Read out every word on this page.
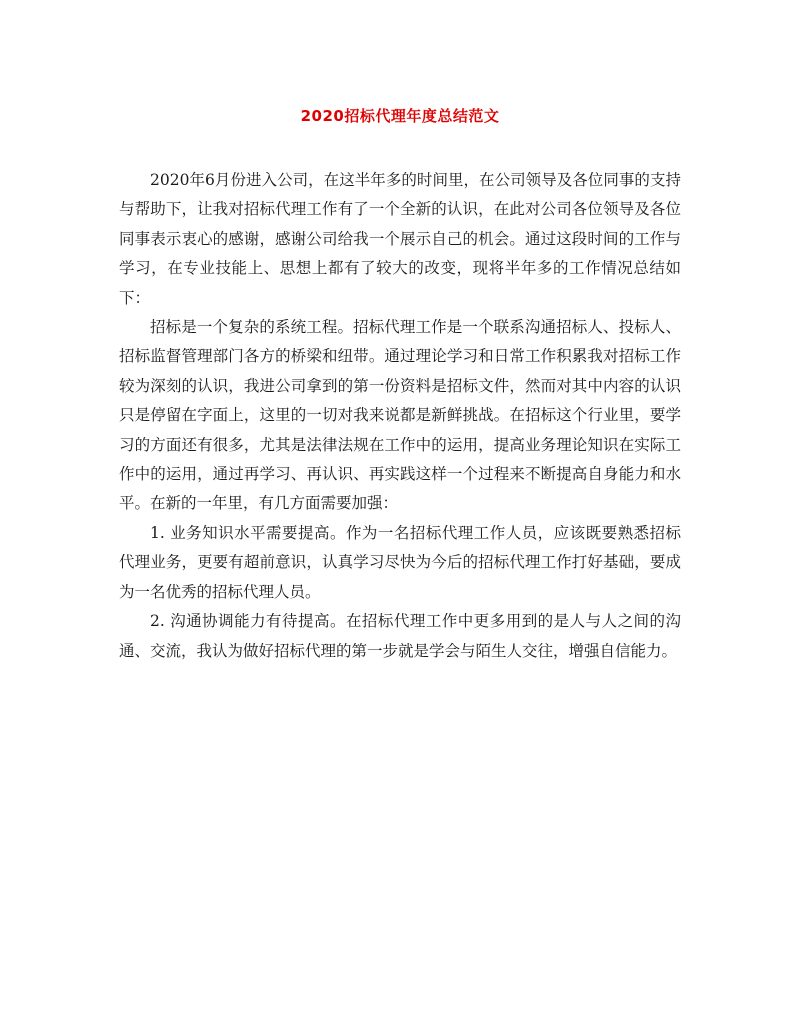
2020招标代理年度总结范文

2020年6月份进入公司，在这半年多的时间里，在公司领导及各位同事的支持与帮助下，让我对招标代理工作有了一个全新的认识，在此对公司各位领导及各位同事表示衷心的感谢，感谢公司给我一个展示自己的机会。通过这段时间的工作与学习，在专业技能上、思想上都有了较大的改变，现将半年多的工作情况总结如下：

招标是一个复杂的系统工程。招标代理工作是一个联系沟通招标人、投标人、招标监督管理部门各方的桥梁和纽带。通过理论学习和日常工作积累我对招标工作较为深刻的认识，我进公司拿到的第一份资料是招标文件，然而对其中内容的认识只是停留在字面上，这里的一切对我来说都是新鲜挑战。在招标这个行业里，要学习的方面还有很多，尤其是法律法规在工作中的运用，提高业务理论知识在实际工作中的运用，通过再学习、再认识、再实践这样一个过程来不断提高自身能力和水平。在新的一年里，有几方面需要加强：

1. 业务知识水平需要提高。作为一名招标代理工作人员，应该既要熟悉招标代理业务，更要有超前意识，认真学习尽快为今后的招标代理工作打好基础，要成为一名优秀的招标代理人员。

2. 沟通协调能力有待提高。在招标代理工作中更多用到的是人与人之间的沟通、交流，我认为做好招标代理的第一步就是学会与陌生人交往，增强自信能力。
